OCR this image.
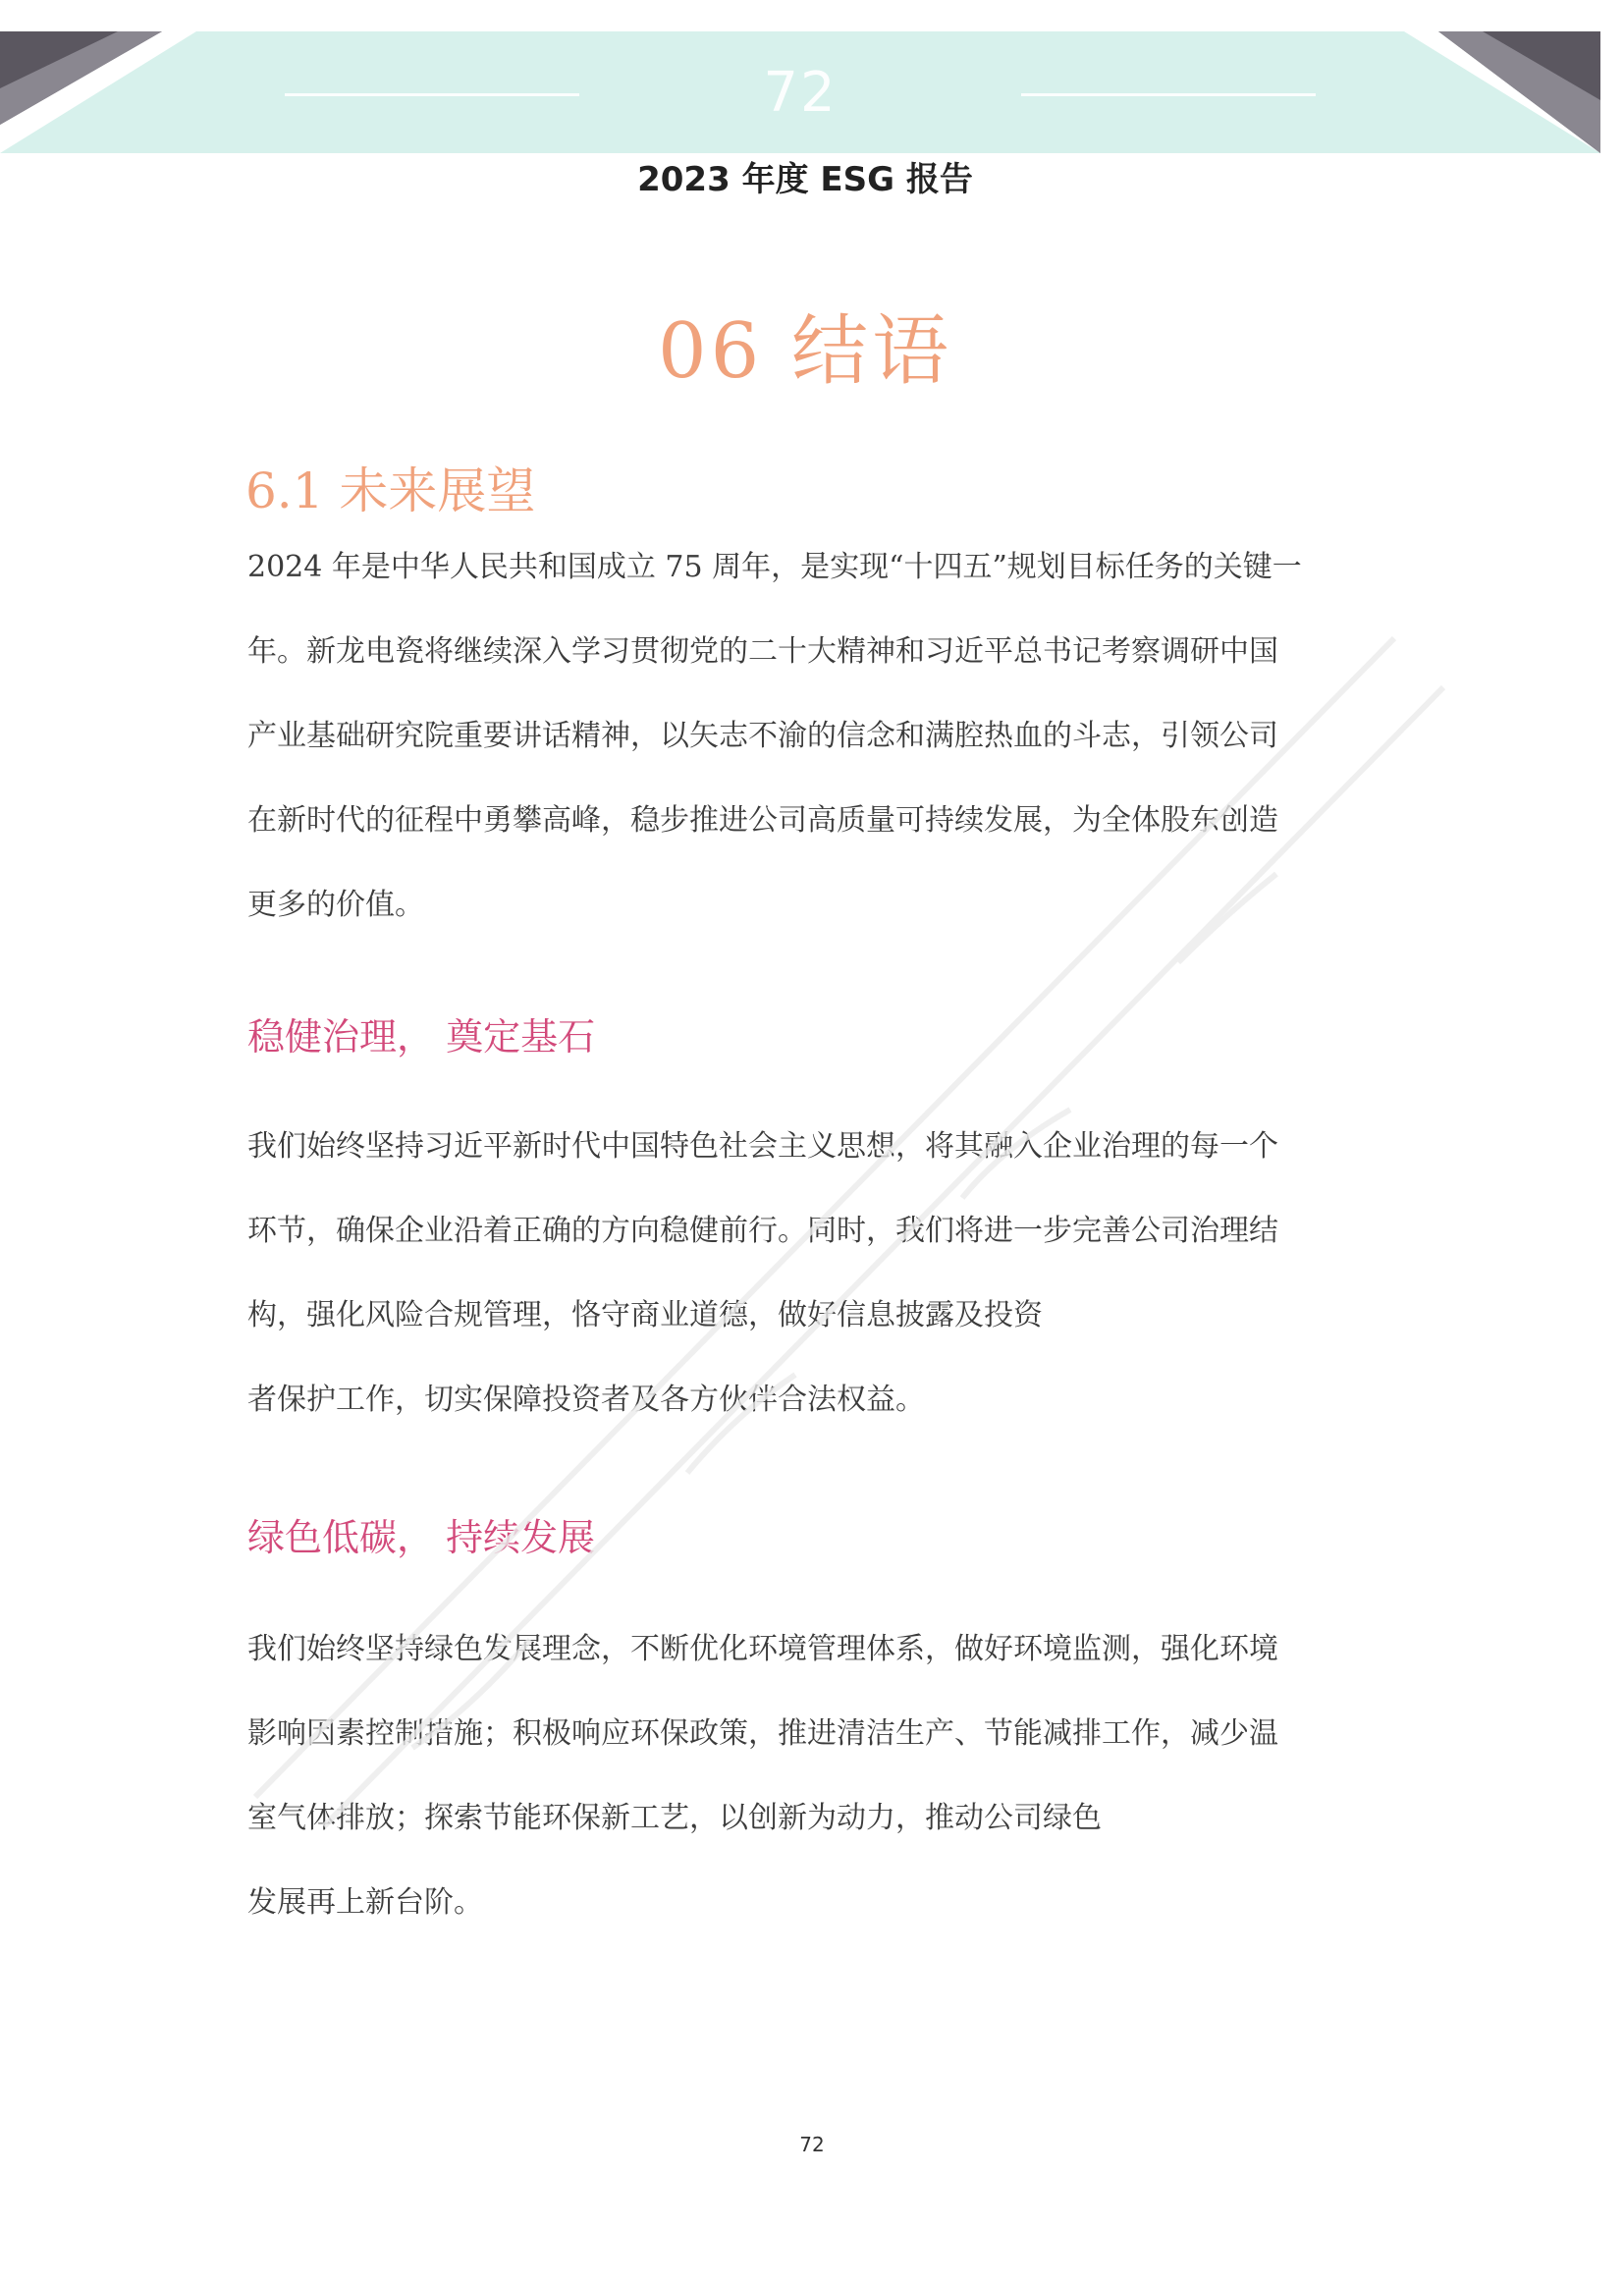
72
2023 年度 ESG 报告
06 结语
6.1 未来展望

2024 年是中华人民共和国成立 75 周年，是实现“十四五”规划目标任务的关键一
年。新龙电瓷将继续深入学习贯彻党的二十大精神和习近平总书记考察调研中国
产业基础研究院重要讲话精神，以矢志不渝的信念和满腔热血的斗志，引领公司
在新时代的征程中勇攀高峰，稳步推进公司高质量可持续发展，为全体股东创造
更多的价值。

稳健治理， 奠定基石

我们始终坚持习近平新时代中国特色社会主义思想，将其融入企业治理的每一个
环节，确保企业沿着正确的方向稳健前行。同时，我们将进一步完善公司治理结
构，强化风险合规管理，恪守商业道德，做好信息披露及投资
者保护工作，切实保障投资者及各方伙伴合法权益。

绿色低碳， 持续发展

我们始终坚持绿色发展理念，不断优化环境管理体系，做好环境监测，强化环境
影响因素控制措施；积极响应环保政策，推进清洁生产、节能减排工作，减少温
室气体排放；探索节能环保新工艺，以创新为动力，推动公司绿色
发展再上新台阶。

72
